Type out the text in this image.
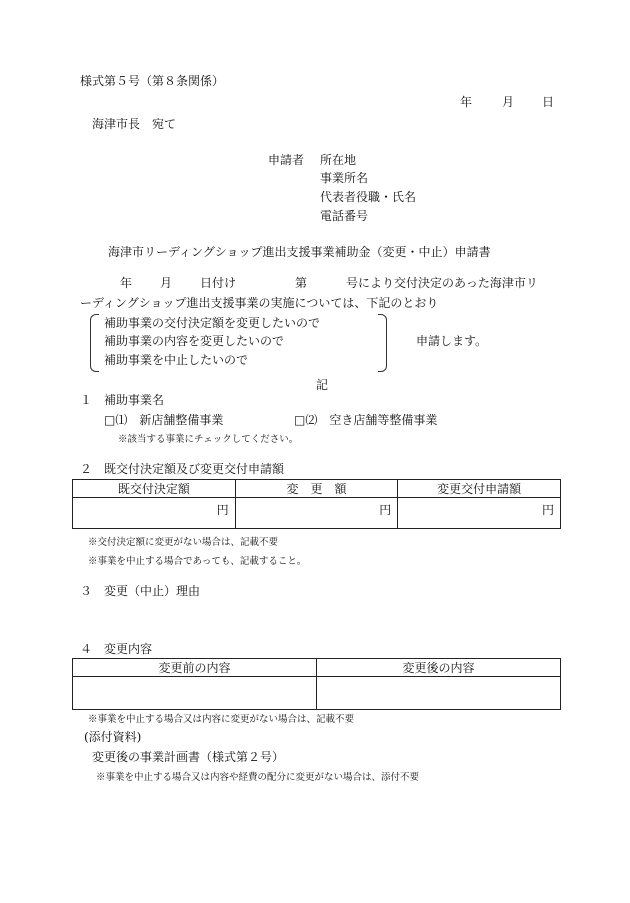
様式第５号（第８条関係）
年 月 日
海津市長　宛て
申請者 所在地
事業所名
代表者役職・氏名
電話番号
海津市リーディングショップ進出支援事業補助金（変更・中止）申請書
年 月 日付け	第	号により交付決定のあった海津市リ
ーディングショップ進出支援事業の実施については、下記のとおり
補助事業の交付決定額を変更したいので
補助事業の内容を変更したいので
補助事業を中止したいので
申請します。
記
１　補助事業名
□⑴　新店舗整備事業	□⑵　空き店舗等整備事業
※該当する事業にチェックしてください。
２　既交付決定額及び変更交付申請額
既交付決定額	変　更　額	変更交付申請額
円	円	円
※交付決定額に変更がない場合は、記載不要
※事業を中止する場合であっても、記載すること。
３　変更（中止）理由
４　変更内容
変更前の内容	変更後の内容

※事業を中止する場合又は内容に変更がない場合は、記載不要
(添付資料)
変更後の事業計画書（様式第２号）
※事業を中止する場合又は内容や経費の配分に変更がない場合は、添付不要
